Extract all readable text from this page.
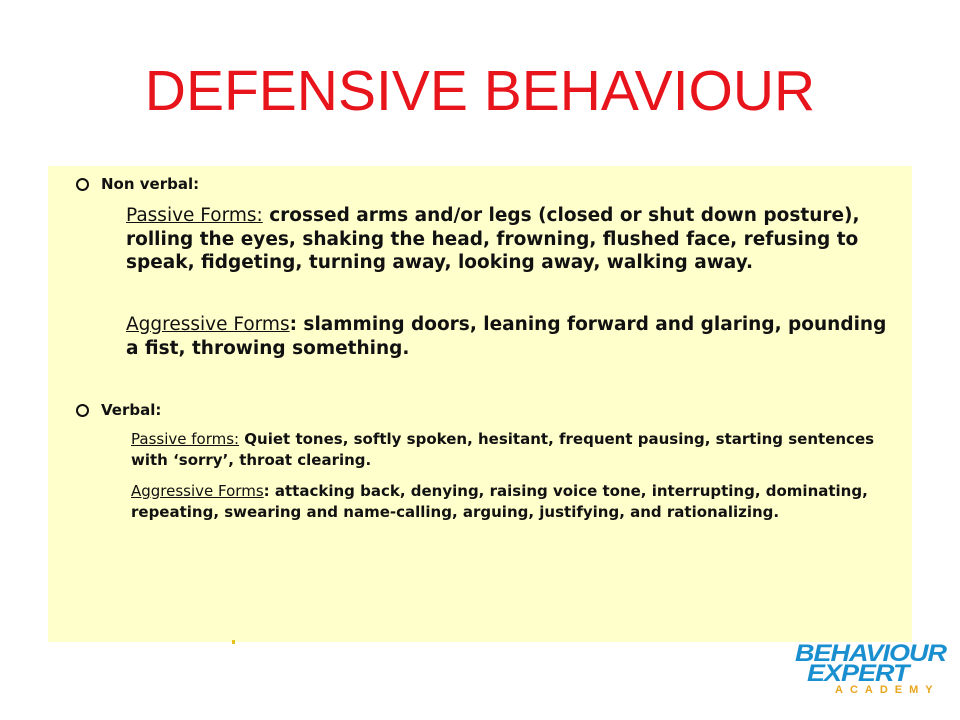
DEFENSIVE BEHAVIOUR
Non verbal:

Passive Forms: crossed arms and/or legs (closed or shut down posture), rolling the eyes, shaking the head, frowning, flushed face, refusing to speak, fidgeting, turning away, looking away, walking away.

Aggressive Forms: slamming doors, leaning forward and glaring, pounding a fist, throwing something.

Verbal:

Passive forms: Quiet tones, softly spoken, hesitant, frequent pausing, starting sentences with ‘sorry’, throat clearing.

Aggressive Forms: attacking back, denying, raising voice tone, interrupting, dominating, repeating, swearing and name-calling, arguing, justifying, and rationalizing.

BEHAVIOUR
EXPERT
ACADEMY
